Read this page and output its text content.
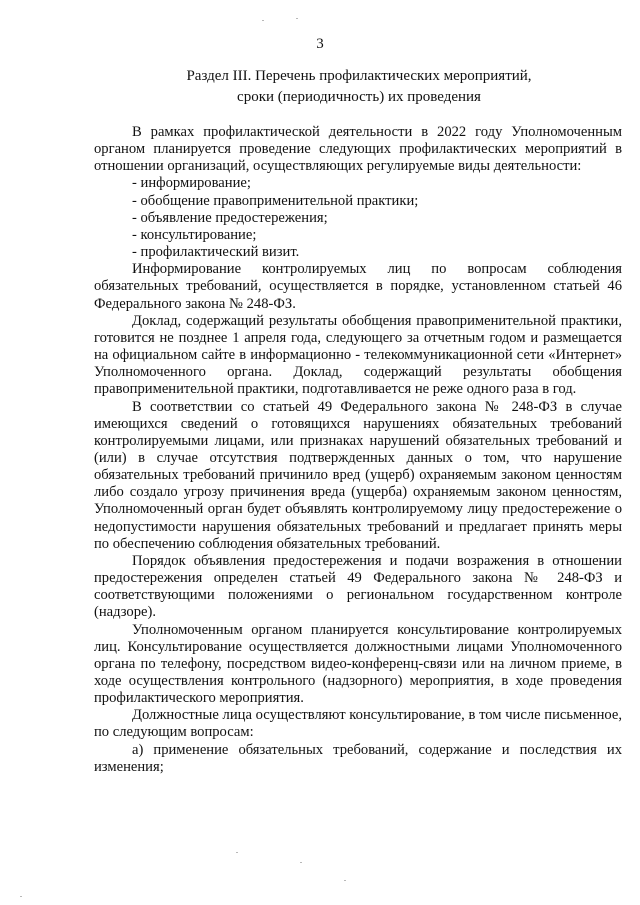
3
Раздел III. Перечень профилактических мероприятий,
сроки (периодичность) их проведения

В рамках профилактической деятельности в 2022 году Уполномоченным органом планируется проведение следующих профилактических мероприятий в отношении организаций, осуществляющих регулируемые виды деятельности:

- информирование;

- обобщение правоприменительной практики;

- объявление предостережения;

- консультирование;

- профилактический визит.

Информирование контролируемых лиц по вопросам соблюдения обязательных требований, осуществляется в порядке, установленном статьей 46 Федерального закона № 248-ФЗ.

Доклад, содержащий результаты обобщения правоприменительной практики, готовится не позднее 1 апреля года, следующего за отчетным годом и размещается на официальном сайте в информационно - телекоммуникационной сети «Интернет» Уполномоченного органа. Доклад, содержащий результаты обобщения правоприменительной практики, подготавливается не реже одного раза в год.

В соответствии со статьей 49 Федерального закона № 248-ФЗ в случае имеющихся сведений о готовящихся нарушениях обязательных требований контролируемыми лицами, или признаках нарушений обязательных требований и (или) в случае отсутствия подтвержденных данных о том, что нарушение обязательных требований причинило вред (ущерб) охраняемым законом ценностям либо создало угрозу причинения вреда (ущерба) охраняемым законом ценностям, Уполномоченный орган будет объявлять контролируемому лицу предостережение о недопустимости нарушения обязательных требований и предлагает принять меры по обеспечению соблюдения обязательных требований.

Порядок объявления предостережения и подачи возражения в отношении предостережения определен статьей 49 Федерального закона № 248-ФЗ и соответствующими положениями о региональном государственном контроле (надзоре).

Уполномоченным органом планируется консультирование контролируемых лиц. Консультирование осуществляется должностными лицами Уполномоченного органа по телефону, посредством видео-конференц-связи или на личном приеме, в ходе осуществления контрольного (надзорного) мероприятия, в ходе проведения профилактического мероприятия.

Должностные лица осуществляют консультирование, в том числе письменное, по следующим вопросам:

а) применение обязательных требований, содержание и последствия их изменения;
